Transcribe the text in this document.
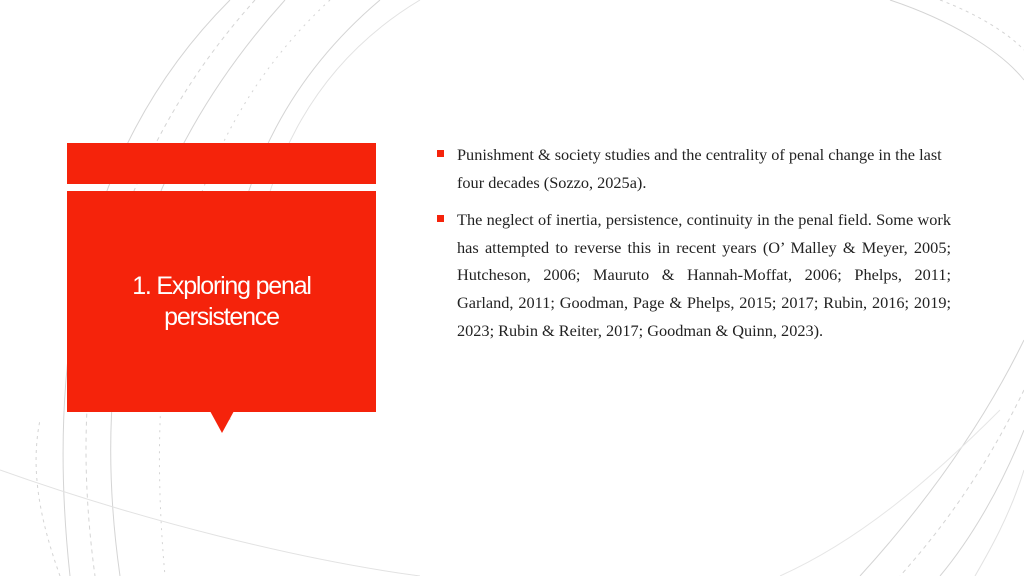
1. Exploring penal
persistence
Punishment & society studies and the centrality of penal change in the last four decades (Sozzo, 2025a).
The neglect of inertia, persistence, continuity in the penal field. Some work has attempted to reverse this in recent years (O’ Malley & Meyer, 2005; Hutcheson, 2006; Mauruto & Hannah-Moffat, 2006; Phelps, 2011; Garland, 2011; Goodman, Page & Phelps, 2015; 2017; Rubin, 2016; 2019; 2023; Rubin & Reiter, 2017; Goodman & Quinn, 2023).
